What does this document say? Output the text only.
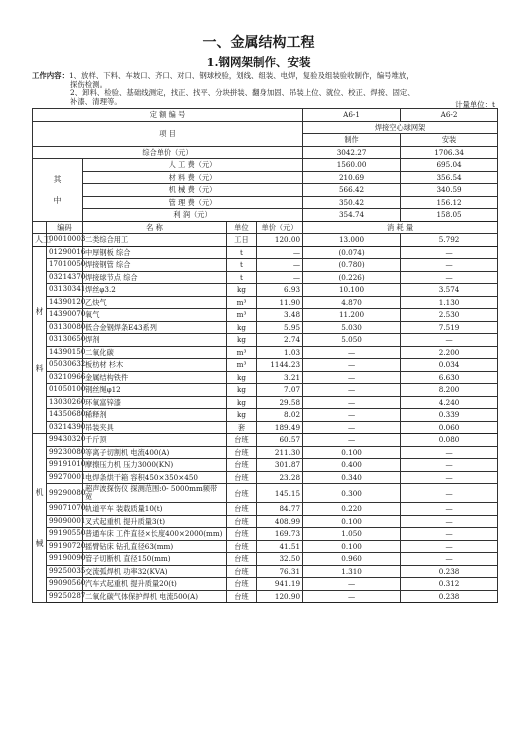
一、金属结构工程
1.钢网架制作、安装
工作内容：1、放样、下料、车坡口、齐口、对口、钢球校验，划线、组装、电焊，复验及组装验收制作，编号堆放，
探伤检测。
2、卸料、检验、基础线测定，找正、找平、分块拼装、翻身加固、吊装上位、就位、校正、焊接、固定、
补漆、清理等。	计量单位：t
定 额 编 号					A6-1	A6-2
项 目					焊接空心球网架	
					制作	安装
综合单价（元）					3042.27	1706.34

其
中		人 工 费（元）			1560.00	695.04
		材 料 费（元）			210.69	356.54
		机 械 费（元）			566.42	340.59
		管 理 费（元）			350.42	156.12
		利 润（元）			354.74	158.05
	编码	名 称	单位	单价（元）	消 耗 量	
人工	00010003	二类综合用工	工日	120.00	13.000	5.792

材
料	01290016	中厚钢板 综合	t	—	(0.074)	—
	17010050	焊接钢管 综合	t	—	(0.780)	—
	03214370	焊接球节点 综合	t	—	(0.226)	—
	03130341	焊丝φ3.2	kg	6.93	10.100	3.574
	14390120	乙炔气	m³	11.90	4.870	1.130
	14390070	氧气	m³	3.48	11.200	2.530
	03130080	低合金钢焊条E43系列	kg	5.95	5.030	7.519
	03130650	焊剂	kg	2.74	5.050	—
	14390150	二氧化碳	m³	1.03	—	2.200
	05030632	板枋材 杉木	m³	1144.23	—	0.034
	03210966	金属结构铁件	kg	3.21	—	6.630
	01050100	钢丝绳φ12	kg	7.07	—	8.200
	13030260	环氧富锌漆	kg	29.58	—	4.240
	14350680	稀释剂	kg	8.02	—	0.339
	03214390	吊装夹具	套	189.49	—	0.060

机
械	99430320	千斤顶	台班	60.57	—	0.080
	99230080	等离子切割机 电流400(A)	台班	211.30	0.100	—
	99191010	摩擦压力机 压力3000(KN)	台班	301.87	0.400	—
	99270001	电焊条烘干箱 容积450×350×450	台班	23.28	0.340	—
	99290080	超声波探伤仪 探测范围:0- 5000mm频带宽	台班	145.15	0.300	—
	99071070	轨道平车 装载质量10(t)	台班	84.77	0.220	—
	99090001	叉式起重机 提升质量3(t)	台班	408.99	0.100	—
	99190550	普通车床 工件直径×长度400×2000(mm)	台班	169.73	1.050	—
	99190720	摇臂钻床 钻孔直径63(mm)	台班	41.51	0.100	—
	99190090	管子切断机 直径150(mm)	台班	32.50	0.960	—
	99250035	交流弧焊机 功率32(KVA)	台班	76.31	1.310	0.238
	99090560	汽车式起重机 提升质量20(t)	台班	941.19	—	0.312
	99250287	二氧化碳气体保护焊机 电流500(A)	台班	120.90	—	0.238
